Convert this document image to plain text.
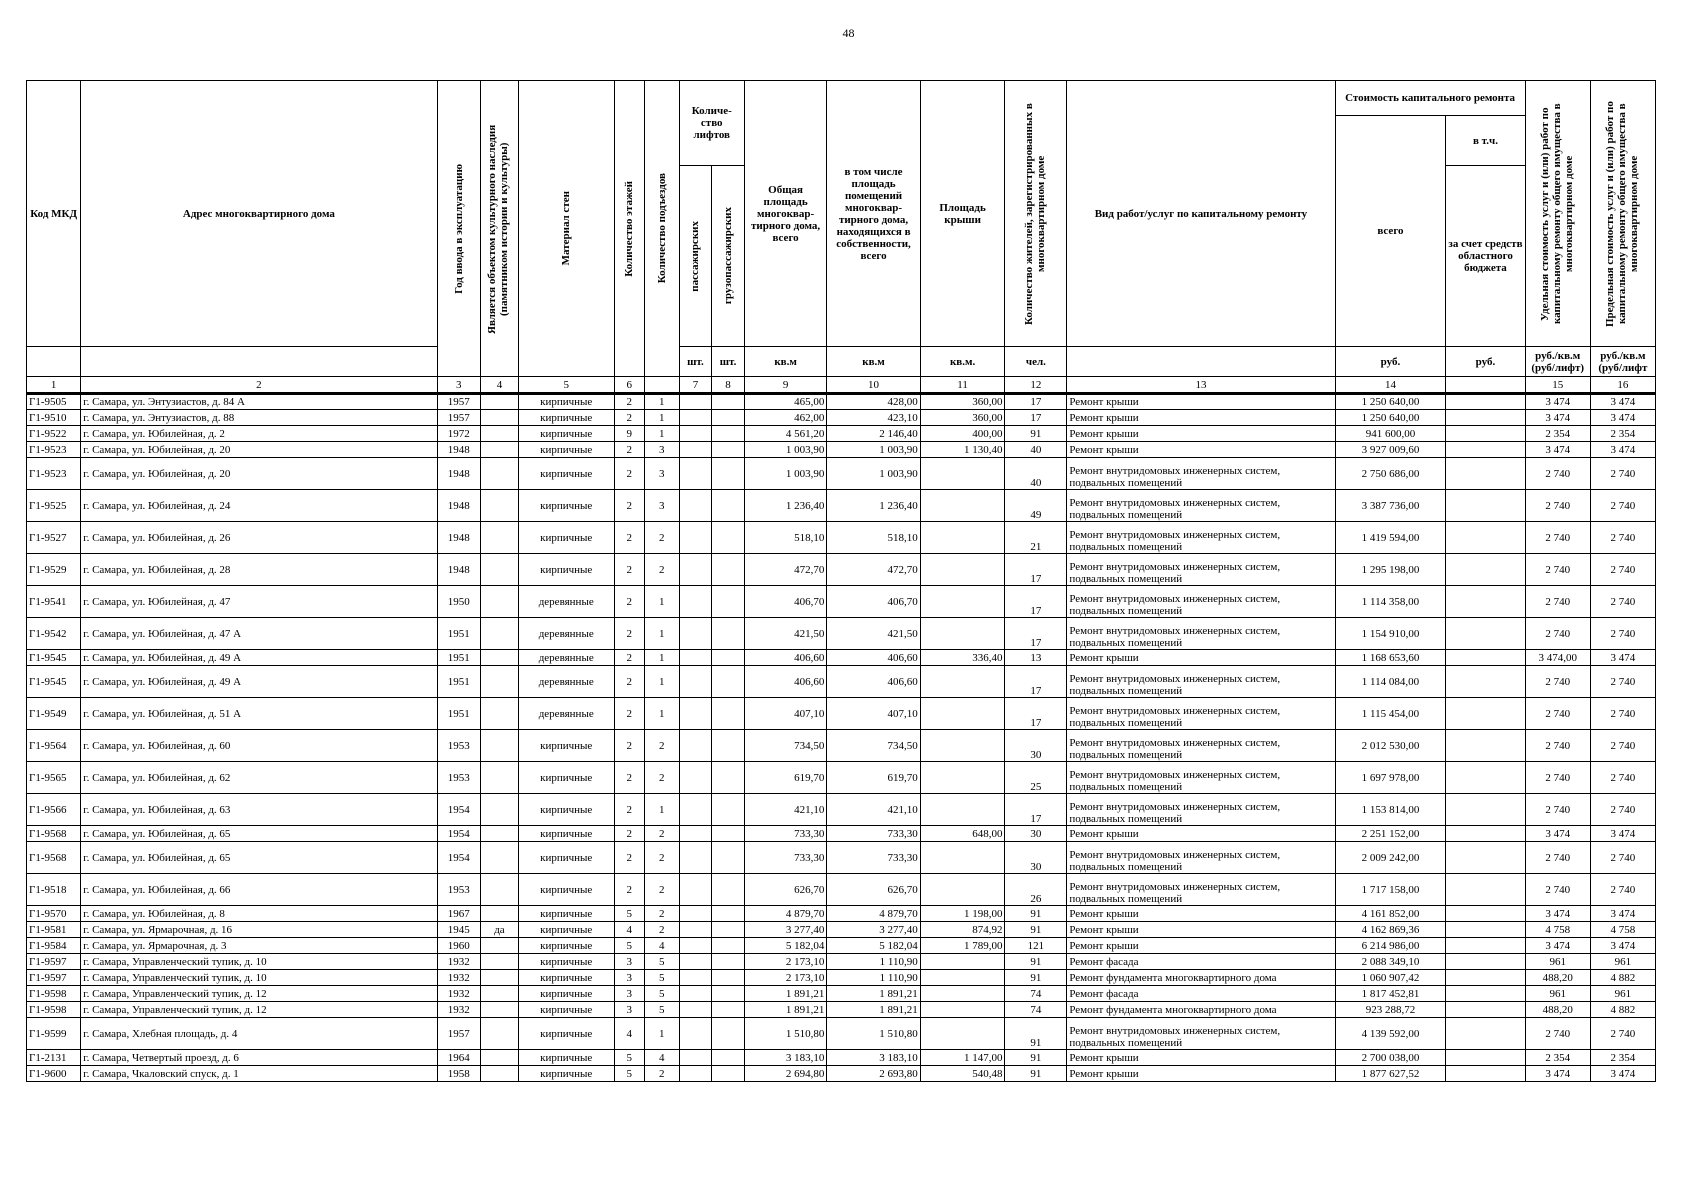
48
Код МКД	Адрес многоквартирного дома	Год ввода в эксплуатацию	Является объектом культурного наследия (памятником истории и культуры)	Материал стен	Количество этажей	Количество подъездов	Количе- ство лифтов		Общая площадь многоквар- тирного дома, всего	в том числе площадь помещений многоквар- тирного дома, находящихся в собственности, всего	Площадь крыши	Количество жителей, зарегистрированных в многоквартирном доме	Вид работ/услуг по капитальному ремонту	Стоимость капитального ремонта		Удельная стоимость услуг и (или) работ по капитальному ремонту общего имущества в многоквартирном доме	Предельная стоимость услуг и (или) работ по капитальному ремонту общего имущества в многоквартирном доме

														всего	в т.ч.		

							пассажирских	грузопассажирских							за счет средств областного бюджета		
							шт.	шт.	кв.м	кв.м	кв.м.	чел.		руб.	руб.	руб./кв.м (руб/лифт)	руб./кв.м (руб/лифт
1	2	3	4	5	6		7	8	9	10	11	12	13	14		15	16
Г1-9505	г. Самара, ул. Энтузиастов, д. 84 А	1957		кирпичные	2	1			465,00	428,00	360,00	17	Ремонт крыши	1 250 640,00		3 474	3 474
Г1-9510	г. Самара, ул. Энтузиастов, д. 88	1957		кирпичные	2	1			462,00	423,10	360,00	17	Ремонт крыши	1 250 640,00		3 474	3 474
Г1-9522	г. Самара, ул. Юбилейная, д. 2	1972		кирпичные	9	1			4 561,20	2 146,40	400,00	91	Ремонт крыши	941 600,00		2 354	2 354
Г1-9523	г. Самара, ул. Юбилейная, д. 20	1948		кирпичные	2	3			1 003,90	1 003,90	1 130,40	40	Ремонт крыши	3 927 009,60		3 474	3 474
Г1-9523	г. Самара, ул. Юбилейная, д. 20	1948		кирпичные	2	3			1 003,90	1 003,90		40	Ремонт внутридомовых инженерных систем, подвальных помещений	2 750 686,00		2 740	2 740
Г1-9525	г. Самара, ул. Юбилейная, д. 24	1948		кирпичные	2	3			1 236,40	1 236,40		49	Ремонт внутридомовых инженерных систем, подвальных помещений	3 387 736,00		2 740	2 740
Г1-9527	г. Самара, ул. Юбилейная, д. 26	1948		кирпичные	2	2			518,10	518,10		21	Ремонт внутридомовых инженерных систем, подвальных помещений	1 419 594,00		2 740	2 740
Г1-9529	г. Самара, ул. Юбилейная, д. 28	1948		кирпичные	2	2			472,70	472,70		17	Ремонт внутридомовых инженерных систем, подвальных помещений	1 295 198,00		2 740	2 740
Г1-9541	г. Самара, ул. Юбилейная, д. 47	1950		деревянные	2	1			406,70	406,70		17	Ремонт внутридомовых инженерных систем, подвальных помещений	1 114 358,00		2 740	2 740
Г1-9542	г. Самара, ул. Юбилейная, д. 47 А	1951		деревянные	2	1			421,50	421,50		17	Ремонт внутридомовых инженерных систем, подвальных помещений	1 154 910,00		2 740	2 740
Г1-9545	г. Самара, ул. Юбилейная, д. 49 А	1951		деревянные	2	1			406,60	406,60	336,40	13	Ремонт крыши	1 168 653,60		3 474,00	3 474
Г1-9545	г. Самара, ул. Юбилейная, д. 49 А	1951		деревянные	2	1			406,60	406,60		17	Ремонт внутридомовых инженерных систем, подвальных помещений	1 114 084,00		2 740	2 740
Г1-9549	г. Самара, ул. Юбилейная, д. 51 А	1951		деревянные	2	1			407,10	407,10		17	Ремонт внутридомовых инженерных систем, подвальных помещений	1 115 454,00		2 740	2 740
Г1-9564	г. Самара, ул. Юбилейная, д. 60	1953		кирпичные	2	2			734,50	734,50		30	Ремонт внутридомовых инженерных систем, подвальных помещений	2 012 530,00		2 740	2 740
Г1-9565	г. Самара, ул. Юбилейная, д. 62	1953		кирпичные	2	2			619,70	619,70		25	Ремонт внутридомовых инженерных систем, подвальных помещений	1 697 978,00		2 740	2 740
Г1-9566	г. Самара, ул. Юбилейная, д. 63	1954		кирпичные	2	1			421,10	421,10		17	Ремонт внутридомовых инженерных систем, подвальных помещений	1 153 814,00		2 740	2 740
Г1-9568	г. Самара, ул. Юбилейная, д. 65	1954		кирпичные	2	2			733,30	733,30	648,00	30	Ремонт крыши	2 251 152,00		3 474	3 474
Г1-9568	г. Самара, ул. Юбилейная, д. 65	1954		кирпичные	2	2			733,30	733,30		30	Ремонт внутридомовых инженерных систем, подвальных помещений	2 009 242,00		2 740	2 740
Г1-9518	г. Самара, ул. Юбилейная, д. 66	1953		кирпичные	2	2			626,70	626,70		26	Ремонт внутридомовых инженерных систем, подвальных помещений	1 717 158,00		2 740	2 740
Г1-9570	г. Самара, ул. Юбилейная, д. 8	1967		кирпичные	5	2			4 879,70	4 879,70	1 198,00	91	Ремонт крыши	4 161 852,00		3 474	3 474
Г1-9581	г. Самара, ул. Ярмарочная, д. 16	1945	да	кирпичные	4	2			3 277,40	3 277,40	874,92	91	Ремонт крыши	4 162 869,36		4 758	4 758
Г1-9584	г. Самара, ул. Ярмарочная, д. 3	1960		кирпичные	5	4			5 182,04	5 182,04	1 789,00	121	Ремонт крыши	6 214 986,00		3 474	3 474
Г1-9597	г. Самара, Управленческий тупик, д. 10	1932		кирпичные	3	5			2 173,10	1 110,90		91	Ремонт фасада	2 088 349,10		961	961
Г1-9597	г. Самара, Управленческий тупик, д. 10	1932		кирпичные	3	5			2 173,10	1 110,90		91	Ремонт фундамента многоквартирного дома	1 060 907,42		488,20	4 882
Г1-9598	г. Самара, Управленческий тупик, д. 12	1932		кирпичные	3	5			1 891,21	1 891,21		74	Ремонт фасада	1 817 452,81		961	961
Г1-9598	г. Самара, Управленческий тупик, д. 12	1932		кирпичные	3	5			1 891,21	1 891,21		74	Ремонт фундамента многоквартирного дома	923 288,72		488,20	4 882
Г1-9599	г. Самара, Хлебная площадь, д. 4	1957		кирпичные	4	1			1 510,80	1 510,80		91	Ремонт внутридомовых инженерных систем, подвальных помещений	4 139 592,00		2 740	2 740
Г1-2131	г. Самара, Четвертый проезд, д. 6	1964		кирпичные	5	4			3 183,10	3 183,10	1 147,00	91	Ремонт крыши	2 700 038,00		2 354	2 354
Г1-9600	г. Самара, Чкаловский спуск, д. 1	1958		кирпичные	5	2			2 694,80	2 693,80	540,48	91	Ремонт крыши	1 877 627,52		3 474	3 474
